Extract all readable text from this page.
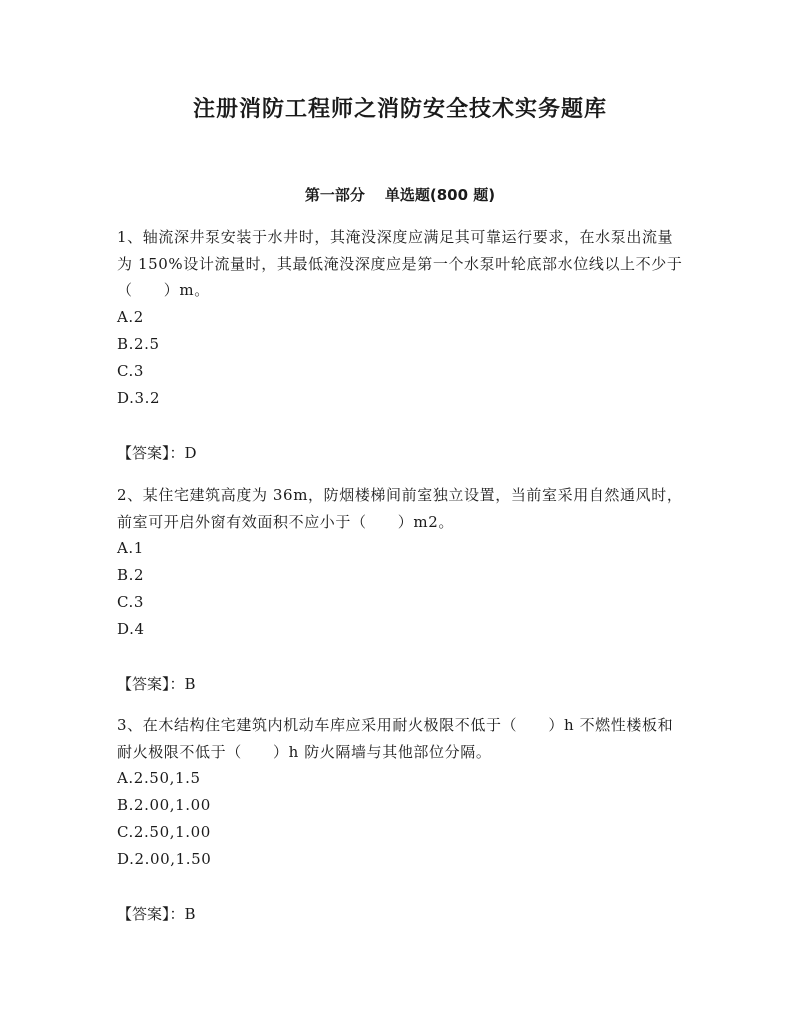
注册消防工程师之消防安全技术实务题库
第一部分 单选题(800 题)

1、轴流深井泵安装于水井时，其淹没深度应满足其可靠运行要求，在水泵出流量为 150%设计流量时，其最低淹没深度应是第一个水泵叶轮底部水位线以上不少于（　　）m。

A.2

B.2.5

C.3

D.3.2

【答案】：D

2、某住宅建筑高度为 36m，防烟楼梯间前室独立设置，当前室采用自然通风时，前室可开启外窗有效面积不应小于（　　）m2。

A.1

B.2

C.3

D.4

【答案】：B

3、在木结构住宅建筑内机动车库应采用耐火极限不低于（　　）h 不燃性楼板和耐火极限不低于（　　）h 防火隔墙与其他部位分隔。

A.2.50,1.5

B.2.00,1.00

C.2.50,1.00

D.2.00,1.50

【答案】：B
